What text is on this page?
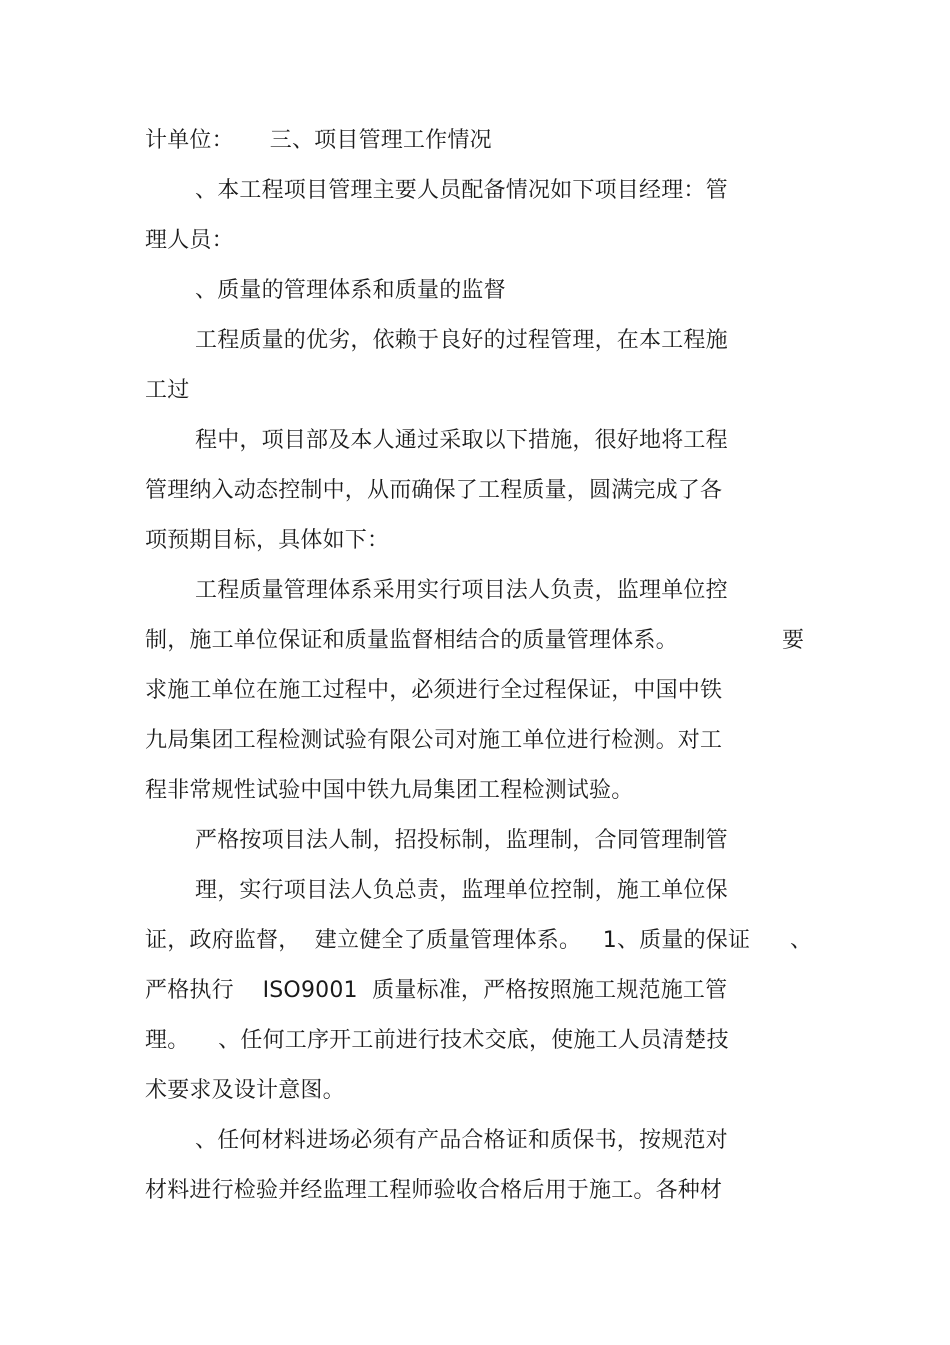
计单位：     三、项目管理工作情况
、本工程项目管理主要人员配备情况如下项目经理：管
理人员：
、质量的管理体系和质量的监督
工程质量的优劣，依赖于良好的过程管理，在本工程施
工过
程中，项目部及本人通过采取以下措施，很好地将工程
管理纳入动态控制中，从而确保了工程质量，圆满完成了各
项预期目标，具体如下：
工程质量管理体系采用实行项目法人负责，监理单位控
制，施工单位保证和质量监督相结合的质量管理体系。	要
求施工单位在施工过程中，必须进行全过程保证，中国中铁
九局集团工程检测试验有限公司对施工单位进行检测。对工
程非常规性试验中国中铁九局集团工程检测试验。
严格按项目法人制，招投标制，监理制，合同管理制管
理，实行项目法人负总责，监理单位控制，施工单位保
证，政府监督，  建立健全了质量管理体系。   1、质量的保证	、
严格执行    ISO9001  质量标准，严格按照施工规范施工管
理。    、任何工序开工前进行技术交底，使施工人员清楚技
术要求及设计意图。
、任何材料进场必须有产品合格证和质保书，按规范对
材料进行检验并经监理工程师验收合格后用于施工。各种材
